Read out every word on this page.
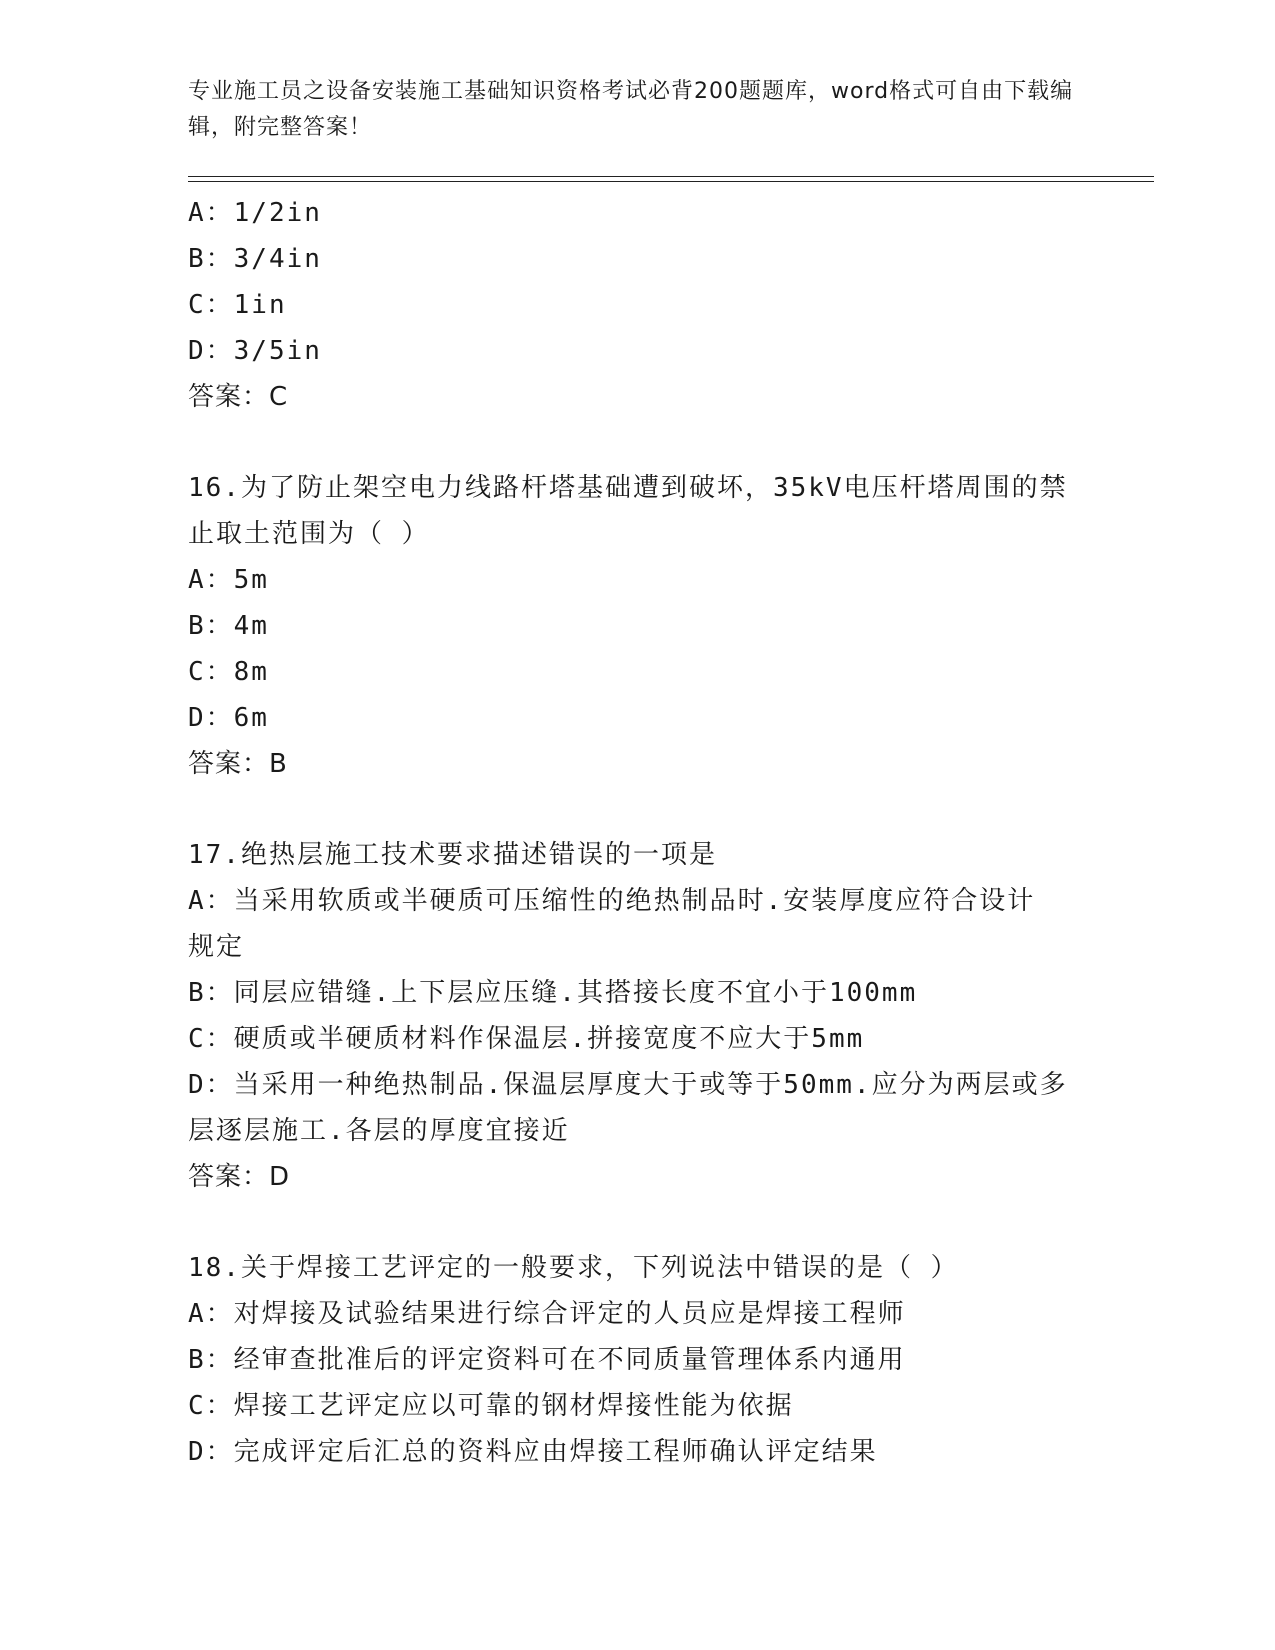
专业施工员之设备安装施工基础知识资格考试必背200题题库，word格式可自由下载编辑，附完整答案！
A：1/2in
B：3/4in
C：1in
D：3/5in
答案：C
16.为了防止架空电力线路杆塔基础遭到破坏，35kV电压杆塔周围的禁
止取土范围为（ ）
A：5m
B：4m
C：8m
D：6m
答案：B
17.绝热层施工技术要求描述错误的一项是
A：当采用软质或半硬质可压缩性的绝热制品时.安装厚度应符合设计
规定
B：同层应错缝.上下层应压缝.其搭接长度不宜小于100mm
C：硬质或半硬质材料作保温层.拼接宽度不应大于5mm
D：当采用一种绝热制品.保温层厚度大于或等于50mm.应分为两层或多
层逐层施工.各层的厚度宜接近
答案：D
18.关于焊接工艺评定的一般要求，下列说法中错误的是（ ）
A：对焊接及试验结果进行综合评定的人员应是焊接工程师
B：经审查批准后的评定资料可在不同质量管理体系内通用
C：焊接工艺评定应以可靠的钢材焊接性能为依据
D：完成评定后汇总的资料应由焊接工程师确认评定结果
